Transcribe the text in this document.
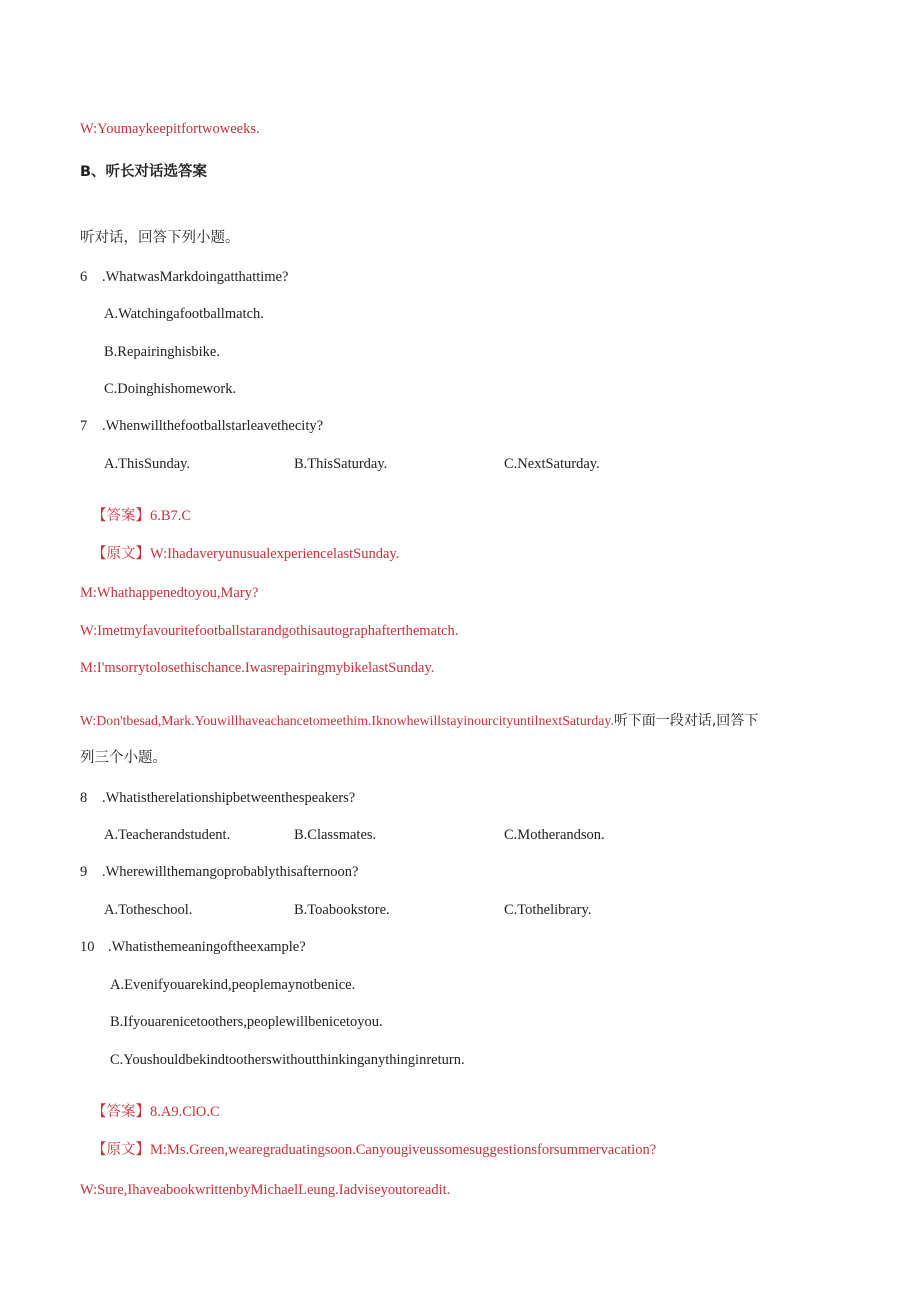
W:Youmaykeepitfortwoweeks.
B、听长对话选答案
听对话，回答下列小题。
6 .WhatwasMarkdoingatthattime?
A.Watchingafootballmatch.
B.Repairinghisbike.
C.Doinghishomework.
7 .Whenwillthefootballstarleavethecity?
A.ThisSunday.	B.ThisSaturday.	C.NextSaturday.
【答案】6.B7.C
【原文】W:IhadaveryunusualexperiencelastSunday.
M:Whathappenedtoyou,Mary?
W:Imetmyfavouritefootballstarandgothisautographafterthematch.
M:I'msorrytolosethischance.IwasrepairingmybikelastSunday.
W:Don'tbesad,Mark.Youwillhaveachancetomeethim.IknowhewillstayinourcityuntilnextSaturday.听下面一段对话,回答下
列三个小题。
8 .Whatistherelationshipbetweenthespeakers?
A.Teacherandstudent.	B.Classmates.	C.Motherandson.
9 .Wherewillthemangoprobablythisafternoon?
A.Totheschool.	B.Toabookstore.	C.Tothelibrary.
10 .Whatisthemeaningoftheexample?
A.Evenifyouarekind,peoplemaynotbenice.
B.Ifyouarenicetoothers,peoplewillbenicetoyou.
C.Youshouldbekindtootherswithoutthinkinganythinginreturn.
【答案】8.A9.ClO.C
【原文】M:Ms.Green,wearegraduatingsoon.Canyougiveussomesuggestionsforsummervacation?
W:Sure,IhaveabookwrittenbyMichaelLeung.Iadviseyoutoreadit.
